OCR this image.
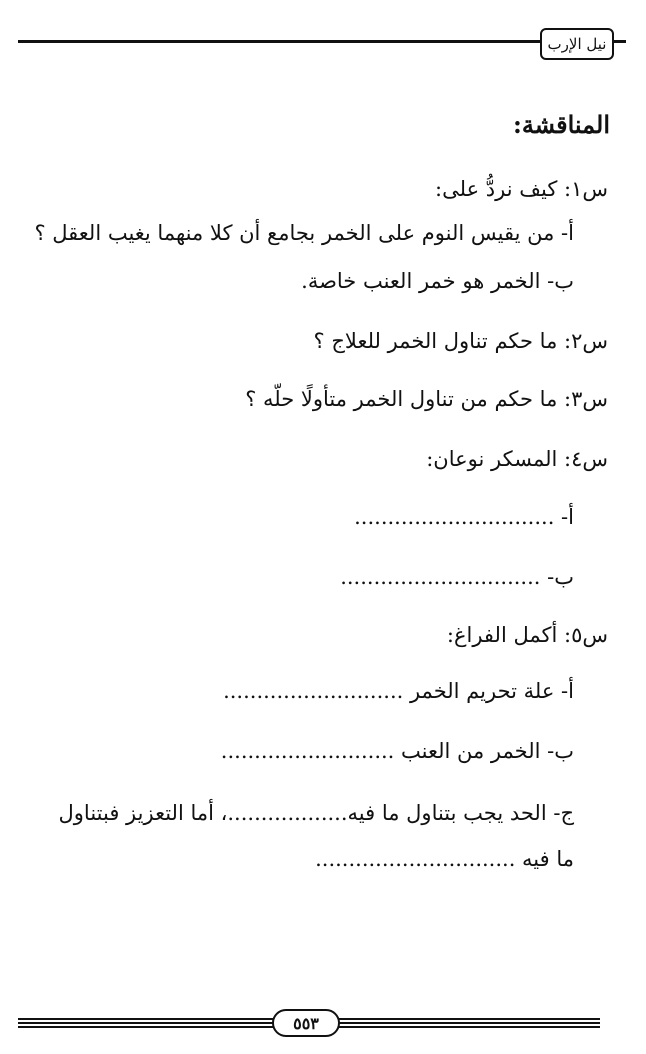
نيل الإرب
المناقشة:
س١: كيف نردُّ على:
أ- من يقيس النوم على الخمر بجامع أن كلا منهما يغيب العقل ؟
ب- الخمر هو خمر العنب خاصة.
س٢: ما حكم تناول الخمر للعلاج ؟
س٣: ما حكم من تناول الخمر متأولًا حلّه ؟
س٤: المسكر نوعان:
أ- ..............................
ب- ..............................
س٥: أكمل الفراغ:
أ- علة تحريم الخمر ...........................
ب- الخمر من العنب ..........................
ج- الحد يجب بتناول ما فيه..................، أما التعزيز فبتناول
ما فيه ..............................
٥٥٣
